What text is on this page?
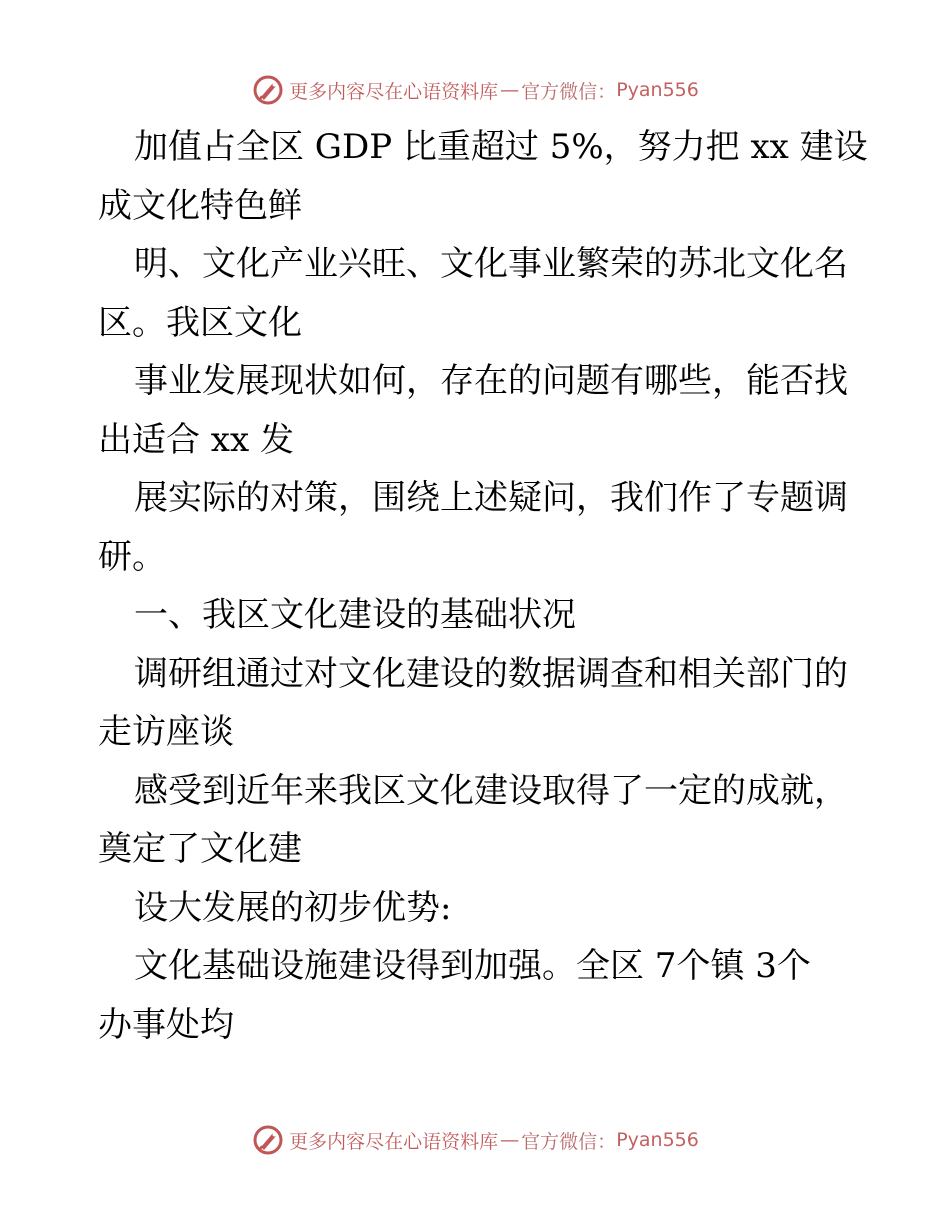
更多内容尽在心语资料库 — 官方微信： Pyan556
加值占全区 GDP 比重超过 5%，努力把 xx 建设
成文化特色鲜
明、文化产业兴旺、文化事业繁荣的苏北文化名
区。我区文化
事业发展现状如何，存在的问题有哪些，能否找
出适合 xx 发
展实际的对策，围绕上述疑问，我们作了专题调
研。
一、我区文化建设的基础状况
调研组通过对文化建设的数据调查和相关部门的
走访座谈
感受到近年来我区文化建设取得了一定的成就，
奠定了文化建
设大发展的初步优势:
文化基础设施建设得到加强。全区 7个镇 3个
办事处均
更多内容尽在心语资料库 — 官方微信： Pyan556
